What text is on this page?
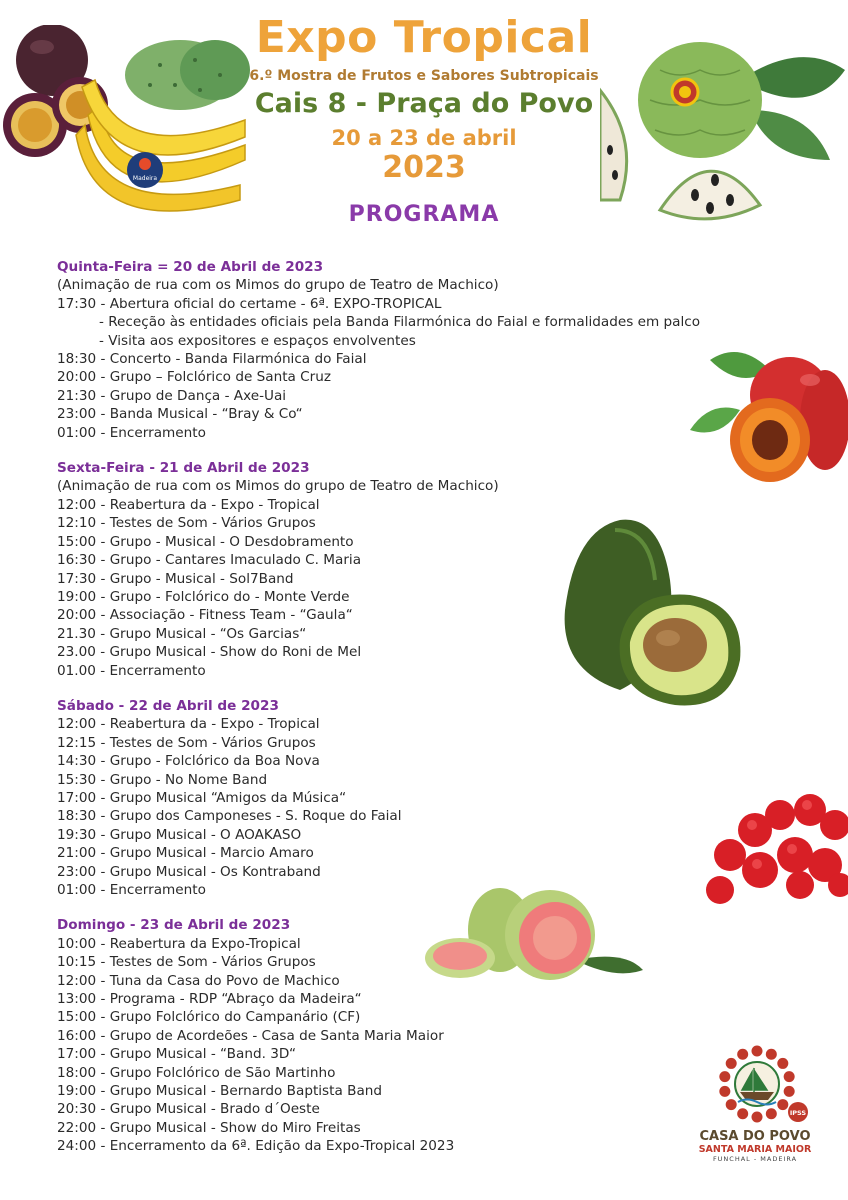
Expo Tropical
6.º Mostra de Frutos e Sabores Subtropicais
Cais 8 - Praça do Povo
20 a 23 de abril
2023
PROGRAMA
Madeira
Quinta-Feira = 20 de Abril de 2023
(Animação de rua com os Mimos do grupo de Teatro de Machico)
17:30 - Abertura oficial do certame - 6ª. EXPO-TROPICAL
- Receção às entidades oficiais pela Banda Filarmónica do Faial e formalidades em palco
- Visita aos expositores e espaços envolventes
18:30 - Concerto - Banda Filarmónica do Faial
20:00 - Grupo – Folclórico de Santa Cruz
21:30 - Grupo de Dança - Axe-Uai
23:00 - Banda Musical - “Bray & Co“
01:00 - Encerramento
Sexta-Feira - 21 de Abril de 2023
(Animação de rua com os Mimos do grupo de Teatro de Machico)
12:00 - Reabertura da - Expo - Tropical
12:10 - Testes de Som - Vários Grupos
15:00 - Grupo - Musical - O Desdobramento
16:30 - Grupo - Cantares Imaculado C. Maria
17:30 - Grupo - Musical - Sol7Band
19:00 - Grupo - Folclórico do - Monte Verde
20:00 - Associação - Fitness Team - “Gaula“
21.30 - Grupo Musical - “Os Garcias“
23.00 - Grupo Musical - Show do Roni de Mel
01.00 - Encerramento
Sábado - 22 de Abril de 2023
12:00 - Reabertura da - Expo - Tropical
12:15 - Testes de Som - Vários Grupos
14:30 - Grupo - Folclórico da Boa Nova
15:30 - Grupo - No Nome Band
17:00 - Grupo Musical “Amigos da Música“
18:30 - Grupo dos Camponeses - S. Roque do Faial
19:30 - Grupo Musical - O AOAKASO
21:00 - Grupo Musical - Marcio Amaro
23:00 - Grupo Musical - Os Kontraband
01:00 - Encerramento
Domingo - 23 de Abril de 2023
10:00 - Reabertura da Expo-Tropical
10:15 - Testes de Som - Vários Grupos
12:00 - Tuna da Casa do Povo de Machico
13:00 - Programa - RDP “Abraço da Madeira“
15:00 - Grupo Folclórico do Campanário (CF)
16:00 - Grupo de Acordeões - Casa de Santa Maria Maior
17:00 - Grupo Musical - “Band. 3D“
18:00 - Grupo Folclórico de São Martinho
19:00 - Grupo Musical - Bernardo Baptista Band
20:30 - Grupo Musical - Brado d´Oeste
22:00 - Grupo Musical - Show do Miro Freitas
24:00 - Encerramento da 6ª. Edição da Expo-Tropical 2023
IPSS
CASA DO POVO
SANTA MARIA MAIOR
FUNCHAL - MADEIRA
